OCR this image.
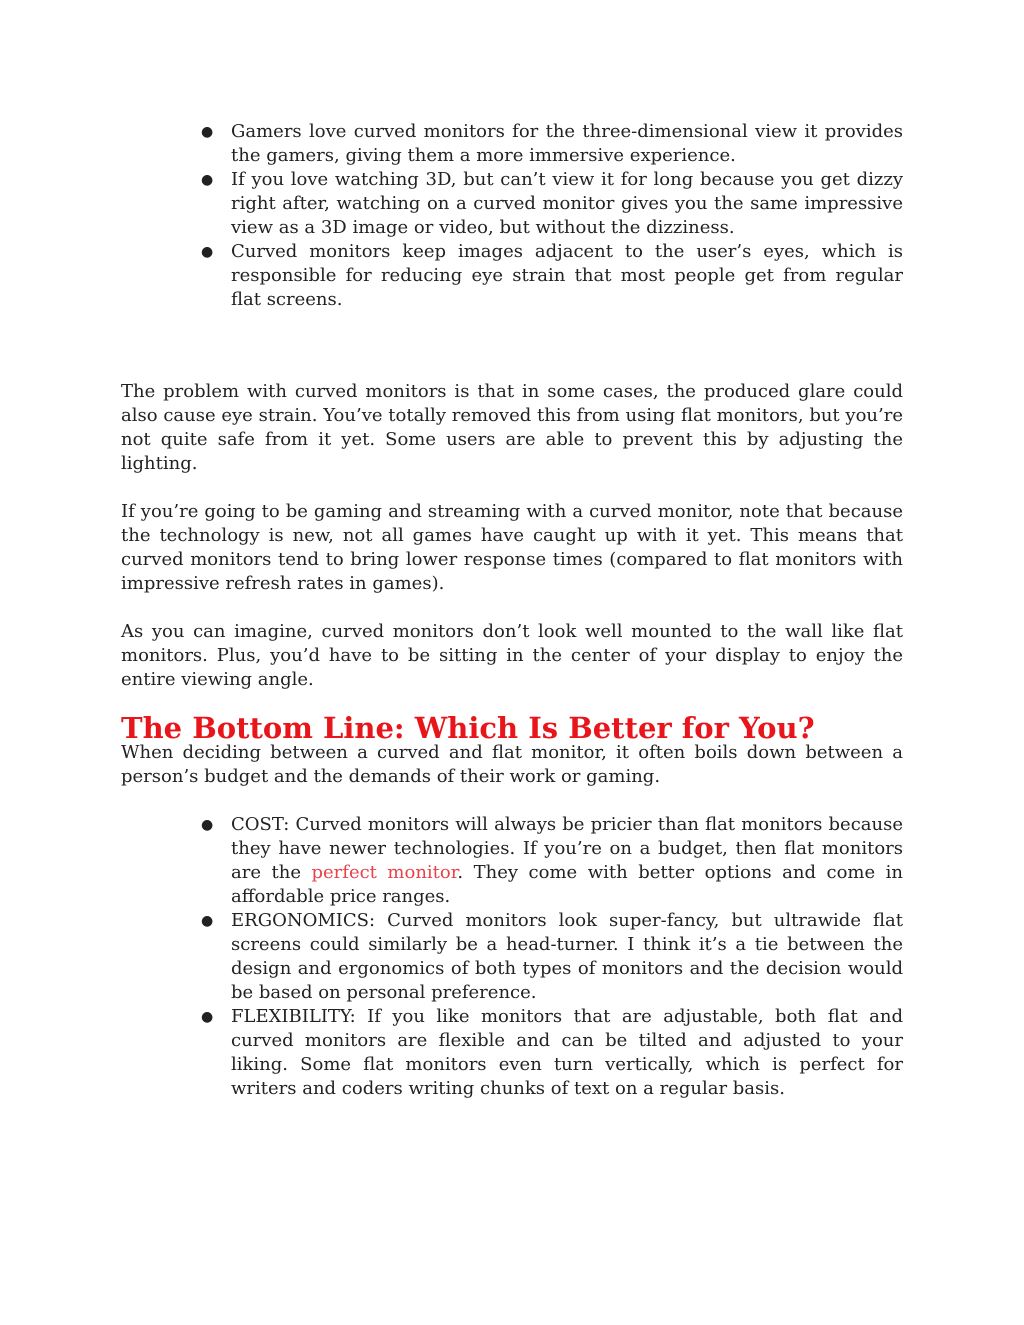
● Gamers love curved monitors for the three-dimensional view it provides the gamers, giving them a more immersive experience.
● If you love watching 3D, but can’t view it for long because you get dizzy right after, watching on a curved monitor gives you the same impressive view as a 3D image or video, but without the dizziness.
● Curved monitors keep images adjacent to the user’s eyes, which is responsible for reducing eye strain that most people get from regular flat screens.

The problem with curved monitors is that in some cases, the produced glare could also cause eye strain. You’ve totally removed this from using flat monitors, but you’re not quite safe from it yet. Some users are able to prevent this by adjusting the lighting.

If you’re going to be gaming and streaming with a curved monitor, note that because the technology is new, not all games have caught up with it yet. This means that curved monitors tend to bring lower response times (compared to flat monitors with impressive refresh rates in games).

As you can imagine, curved monitors don’t look well mounted to the wall like flat monitors. Plus, you’d have to be sitting in the center of your display to enjoy the entire viewing angle.

The Bottom Line: Which Is Better for You?

When deciding between a curved and flat monitor, it often boils down between a person’s budget and the demands of their work or gaming.

● COST: Curved monitors will always be pricier than flat monitors because they have newer technologies. If you’re on a budget, then flat monitors are the perfect monitor. They come with better options and come in affordable price ranges.
● ERGONOMICS: Curved monitors look super-fancy, but ultrawide flat screens could similarly be a head-turner. I think it’s a tie between the design and ergonomics of both types of monitors and the decision would be based on personal preference.
● FLEXIBILITY: If you like monitors that are adjustable, both flat and curved monitors are flexible and can be tilted and adjusted to your liking. Some flat monitors even turn vertically, which is perfect for writers and coders writing chunks of text on a regular basis.
